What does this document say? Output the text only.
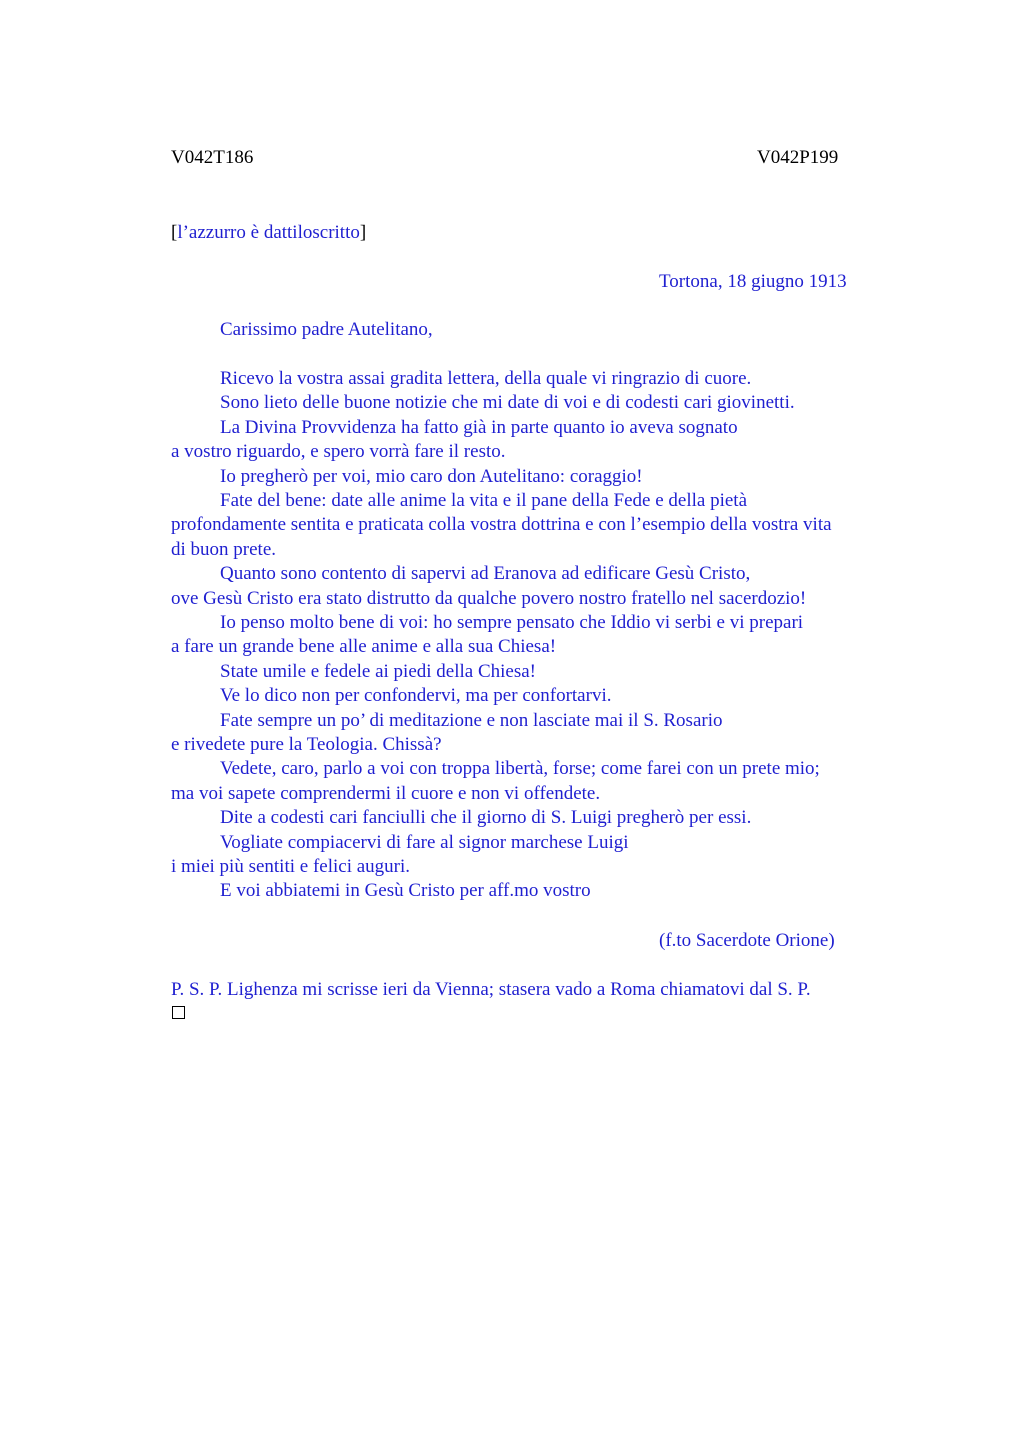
V042T186	V042P199
[l’azzurro è dattiloscritto]
Tortona, 18 giugno 1913
Carissimo padre Autelitano,
Ricevo la vostra assai gradita lettera, della quale vi ringrazio di cuore.
Sono lieto delle buone notizie che mi date di voi e di codesti cari giovinetti.
La Divina Provvidenza ha fatto già in parte quanto io aveva sognato
a vostro riguardo, e spero vorrà fare il resto.
Io pregherò per voi, mio caro don Autelitano: coraggio!
Fate del bene: date alle anime la vita e il pane della Fede e della pietà
profondamente sentita e praticata colla vostra dottrina e con l’esempio della vostra vita
di buon prete.
Quanto sono contento di sapervi ad Eranova ad edificare Gesù Cristo,
ove Gesù Cristo era stato distrutto da qualche povero nostro fratello nel sacerdozio!
Io penso molto bene di voi: ho sempre pensato che Iddio vi serbi e vi prepari
a fare un grande bene alle anime e alla sua Chiesa!
State umile e fedele ai piedi della Chiesa!
Ve lo dico non per confondervi, ma per confortarvi.
Fate sempre un po’ di meditazione e non lasciate mai il S. Rosario
e rivedete pure la Teologia. Chissà?
Vedete, caro, parlo a voi con troppa libertà, forse; come farei con un prete mio;
ma voi sapete comprendermi il cuore e non vi offendete.
Dite a codesti cari fanciulli che il giorno di S. Luigi pregherò per essi.
Vogliate compiacervi di fare al signor marchese Luigi
i miei più sentiti e felici auguri.
E voi abbiatemi in Gesù Cristo per aff.mo vostro
(f.to Sacerdote Orione)
P. S. P. Lighenza mi scrisse ieri da Vienna; stasera vado a Roma chiamatovi dal S. P.
